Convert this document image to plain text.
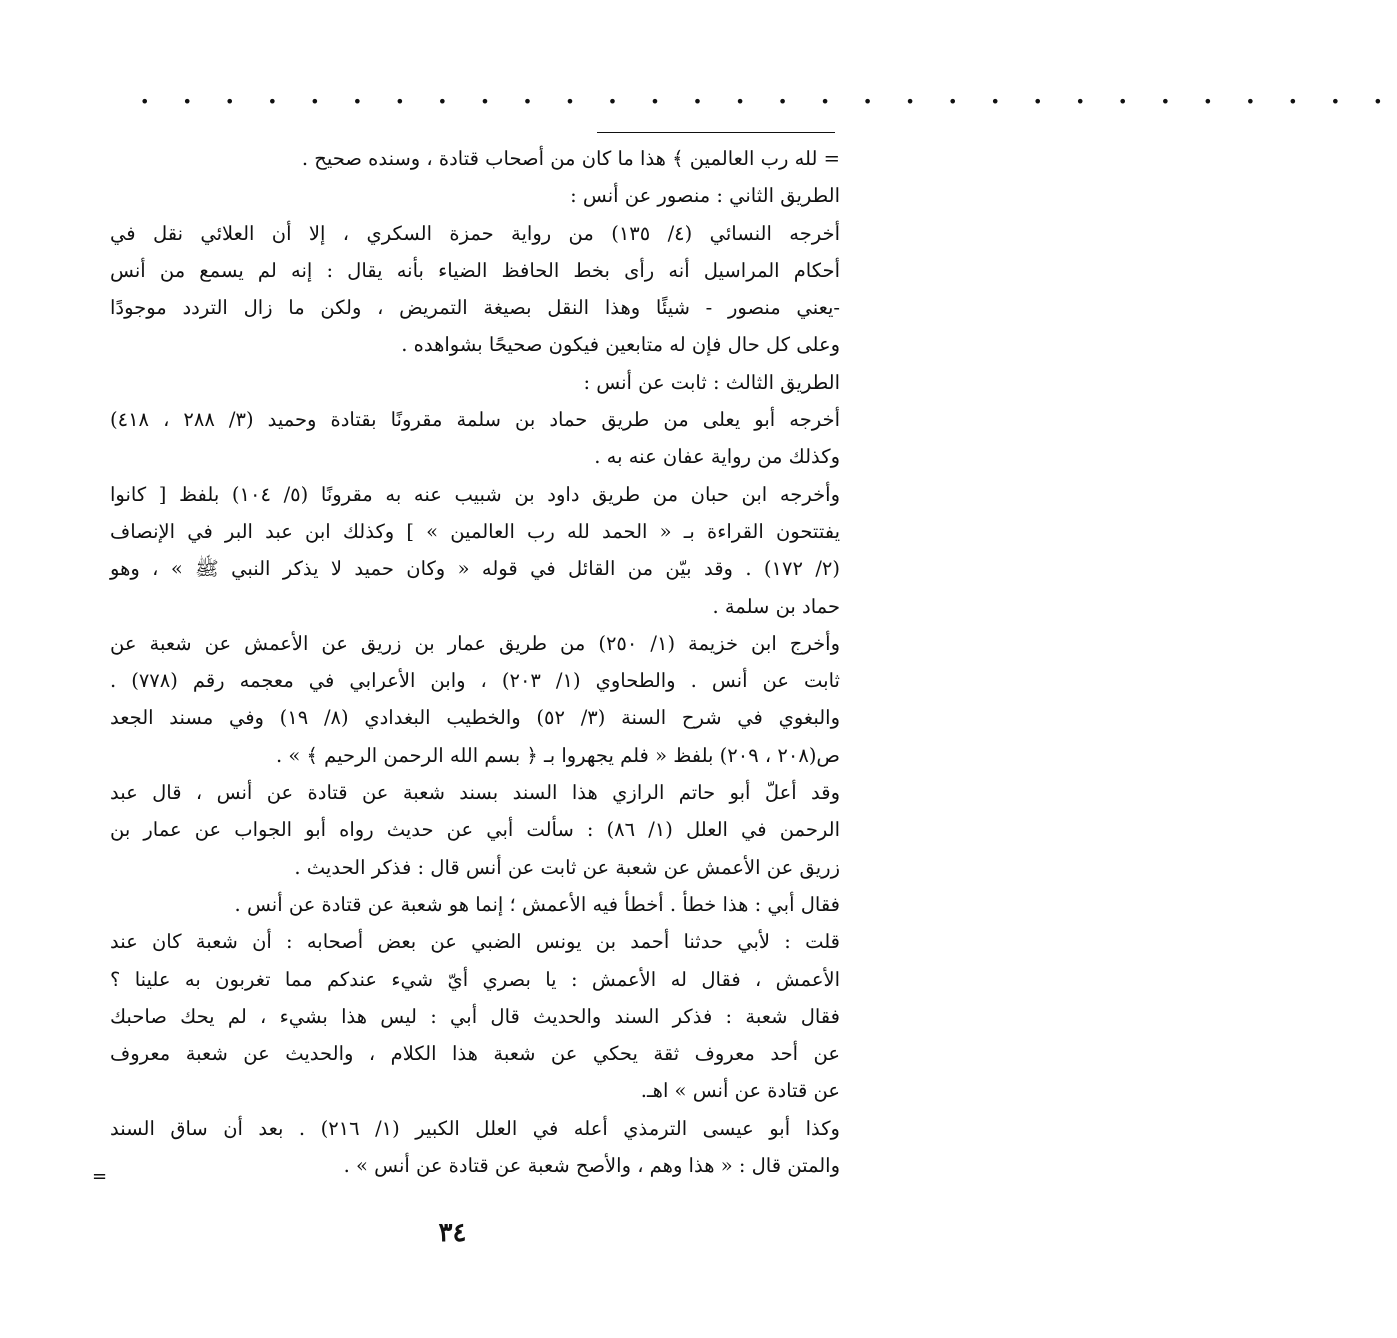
• • • • • • • • • • • • • • • • • • • • • • • • • • • • • •
= لله رب العالمين ﴾ هذا ما كان من أصحاب قتادة ، وسنده صحيح .
الطريق الثاني : منصور عن أنس :
أخرجه النسائي (٤/ ١٣٥) من رواية حمزة السكري ، إلا أن العلائي نقل في
أحكام المراسيل أنه رأى بخط الحافظ الضياء بأنه يقال : إنه لم يسمع من أنس
-يعني منصور - شيئًا وهذا النقل بصيغة التمريض ، ولكن ما زال التردد موجودًا
وعلى كل حال فإن له متابعين فيكون صحيحًا بشواهده .
الطريق الثالث : ثابت عن أنس :
أخرجه أبو يعلى من طريق حماد بن سلمة مقرونًا بقتادة وحميد (٣/ ٢٨٨ ، ٤١٨)
وكذلك من رواية عفان عنه به .
وأخرجه ابن حبان من طريق داود بن شبيب عنه به مقرونًا (٥/ ١٠٤) بلفظ [ كانوا
يفتتحون القراءة بـ « الحمد لله رب العالمين » ] وكذلك ابن عبد البر في الإنصاف
(٢/ ١٧٢) . وقد بيّن من القائل في قوله « وكان حميد لا يذكر النبي ﷺ » ، وهو
حماد بن سلمة .
وأخرج ابن خزيمة (١/ ٢٥٠) من طريق عمار بن زريق عن الأعمش عن شعبة عن
ثابت عن أنس . والطحاوي (١/ ٢٠٣) ، وابن الأعرابي في معجمه رقم (٧٧٨) .
والبغوي في شرح السنة (٣/ ٥٢) والخطيب البغدادي (٨/ ١٩) وفي مسند الجعد
ص(٢٠٨ ، ٢٠٩) بلفظ « فلم يجهروا بـ ﴿ بسم الله الرحمن الرحيم ﴾ » .
وقد أعلّ أبو حاتم الرازي هذا السند بسند شعبة عن قتادة عن أنس ، قال عبد
الرحمن في العلل (١/ ٨٦) : سألت أبي عن حديث رواه أبو الجواب عن عمار بن
زريق عن الأعمش عن شعبة عن ثابت عن أنس قال : فذكر الحديث .
فقال أبي : هذا خطأ . أخطأ فيه الأعمش ؛ إنما هو شعبة عن قتادة عن أنس .
قلت : لأبي حدثنا أحمد بن يونس الضبي عن بعض أصحابه : أن شعبة كان عند
الأعمش ، فقال له الأعمش : يا بصري أيّ شيء عندكم مما تغربون به علينا ؟
فقال شعبة : فذكر السند والحديث قال أبي : ليس هذا بشيء ، لم يحك صاحبك
عن أحد معروف ثقة يحكي عن شعبة هذا الكلام ، والحديث عن شعبة معروف
عن قتادة عن أنس » اهـ.
وكذا أبو عيسى الترمذي أعله في العلل الكبير (١/ ٢١٦) . بعد أن ساق السند
والمتن قال : « هذا وهم ، والأصح شعبة عن قتادة عن أنس » .
=
٣٤
